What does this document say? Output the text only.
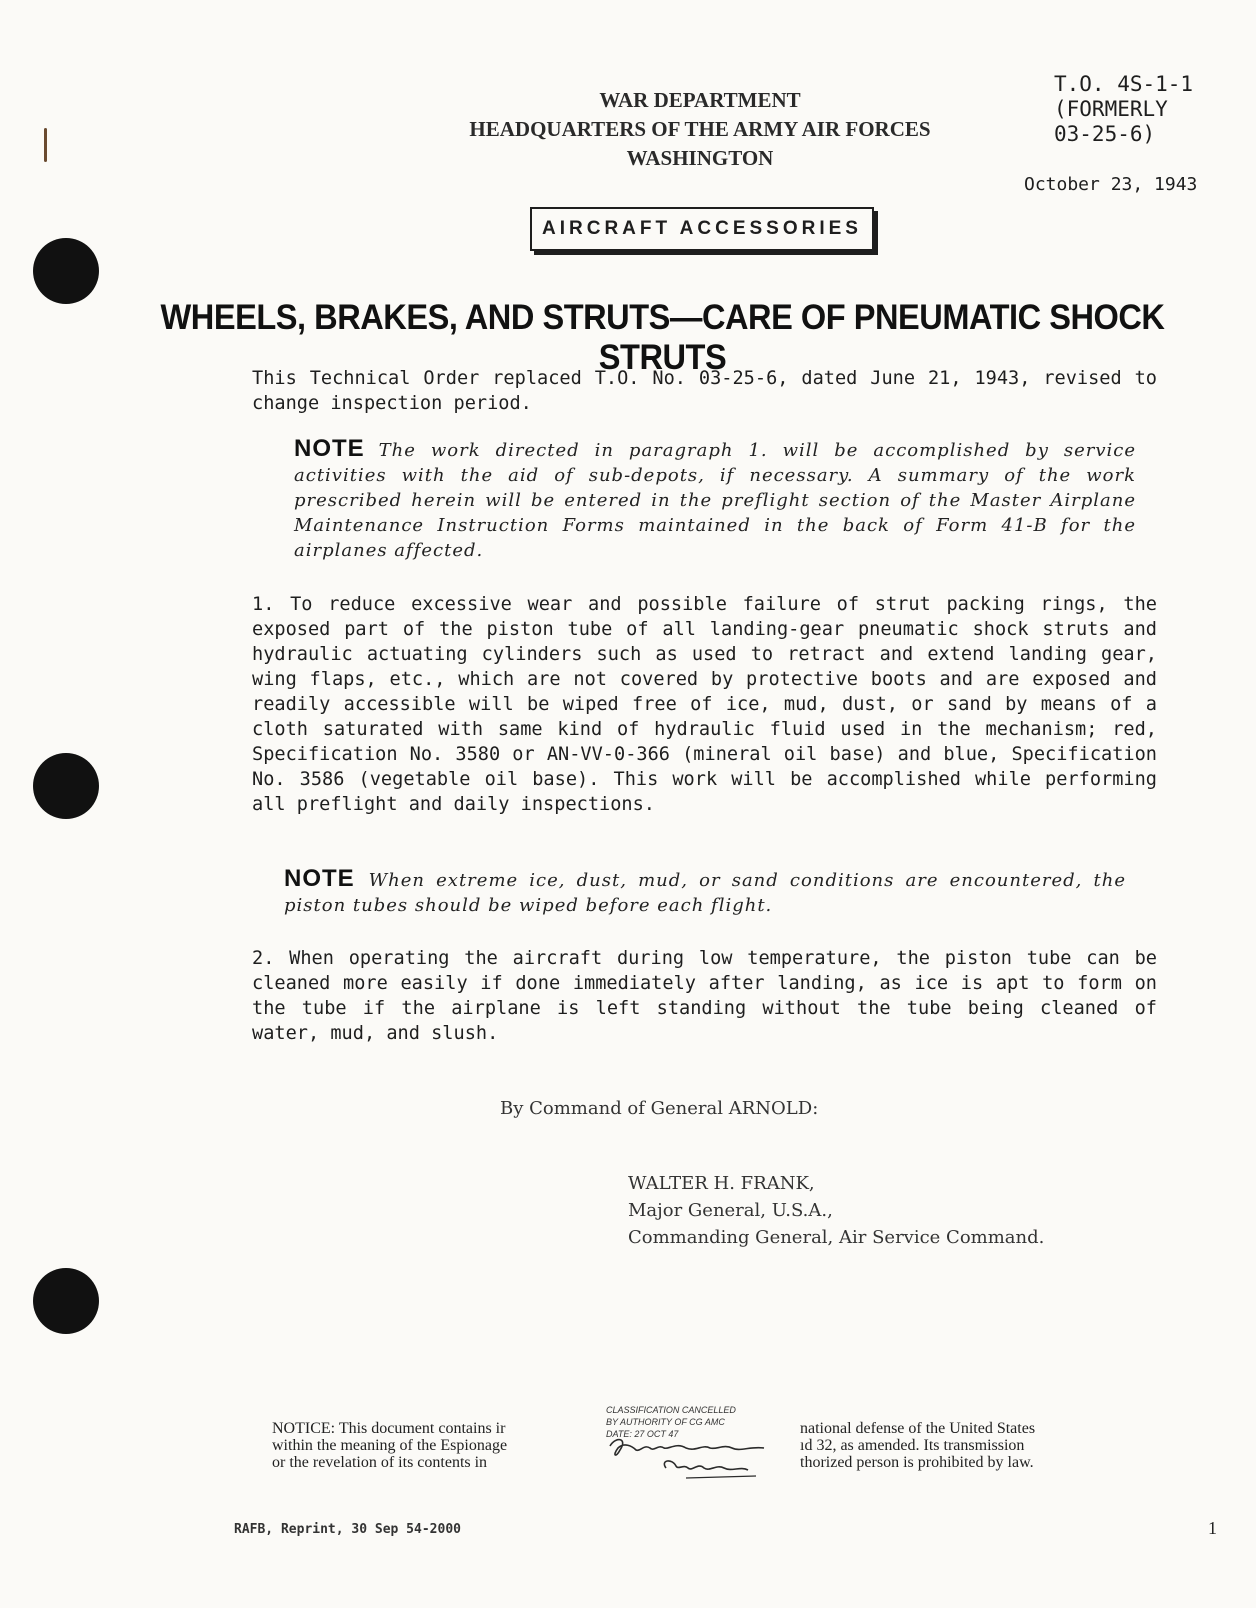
WAR DEPARTMENT
HEADQUARTERS OF THE ARMY AIR FORCES
WASHINGTON
T.O. 4S-1-1
(FORMERLY
03-25-6)
October 23, 1943
AIRCRAFT ACCESSORIES
WHEELS, BRAKES, AND STRUTS—CARE OF PNEUMATIC SHOCK STRUTS

This Technical Order replaced T.O. No. 03-25-6, dated June 21, 1943, revised to change inspection period.

NOTE The work directed in paragraph 1. will be accomplished by service activities with the aid of sub-depots, if necessary. A summary of the work prescribed herein will be entered in the preflight section of the Master Airplane Maintenance Instruction Forms maintained in the back of Form 41-B for the airplanes affected.

1. To reduce excessive wear and possible failure of strut packing rings, the exposed part of the piston tube of all landing-gear pneumatic shock struts and hydraulic actuating cylinders such as used to retract and extend landing gear, wing flaps, etc., which are not covered by protective boots and are exposed and readily accessible will be wiped free of ice, mud, dust, or sand by means of a cloth saturated with same kind of hydraulic fluid used in the mechanism; red, Specification No. 3580 or AN-VV-0-366 (mineral oil base) and blue, Specification No. 3586 (vegetable oil base). This work will be accomplished while performing all preflight and daily inspections.

NOTE When extreme ice, dust, mud, or sand conditions are encountered, the piston tubes should be wiped before each flight.

2. When operating the aircraft during low temperature, the piston tube can be cleaned more easily if done immediately after landing, as ice is apt to form on the tube if the airplane is left standing without the tube being cleaned of water, mud, and slush.

By Command of General ARNOLD:
WALTER H. FRANK,
Major General, U.S.A.,
Commanding General, Air Service Command.
NOTICE: This document contains ir
within the meaning of the Espionage
or the revelation of its contents in
CLASSIFICATION CANCELLED
BY AUTHORITY OF CG AMC
DATE: 27 OCT 47	national defense of the United States
ıd 32, as amended. Its transmission
thorized person is prohibited by law.
RAFB, Reprint, 30 Sep 54-2000	1
